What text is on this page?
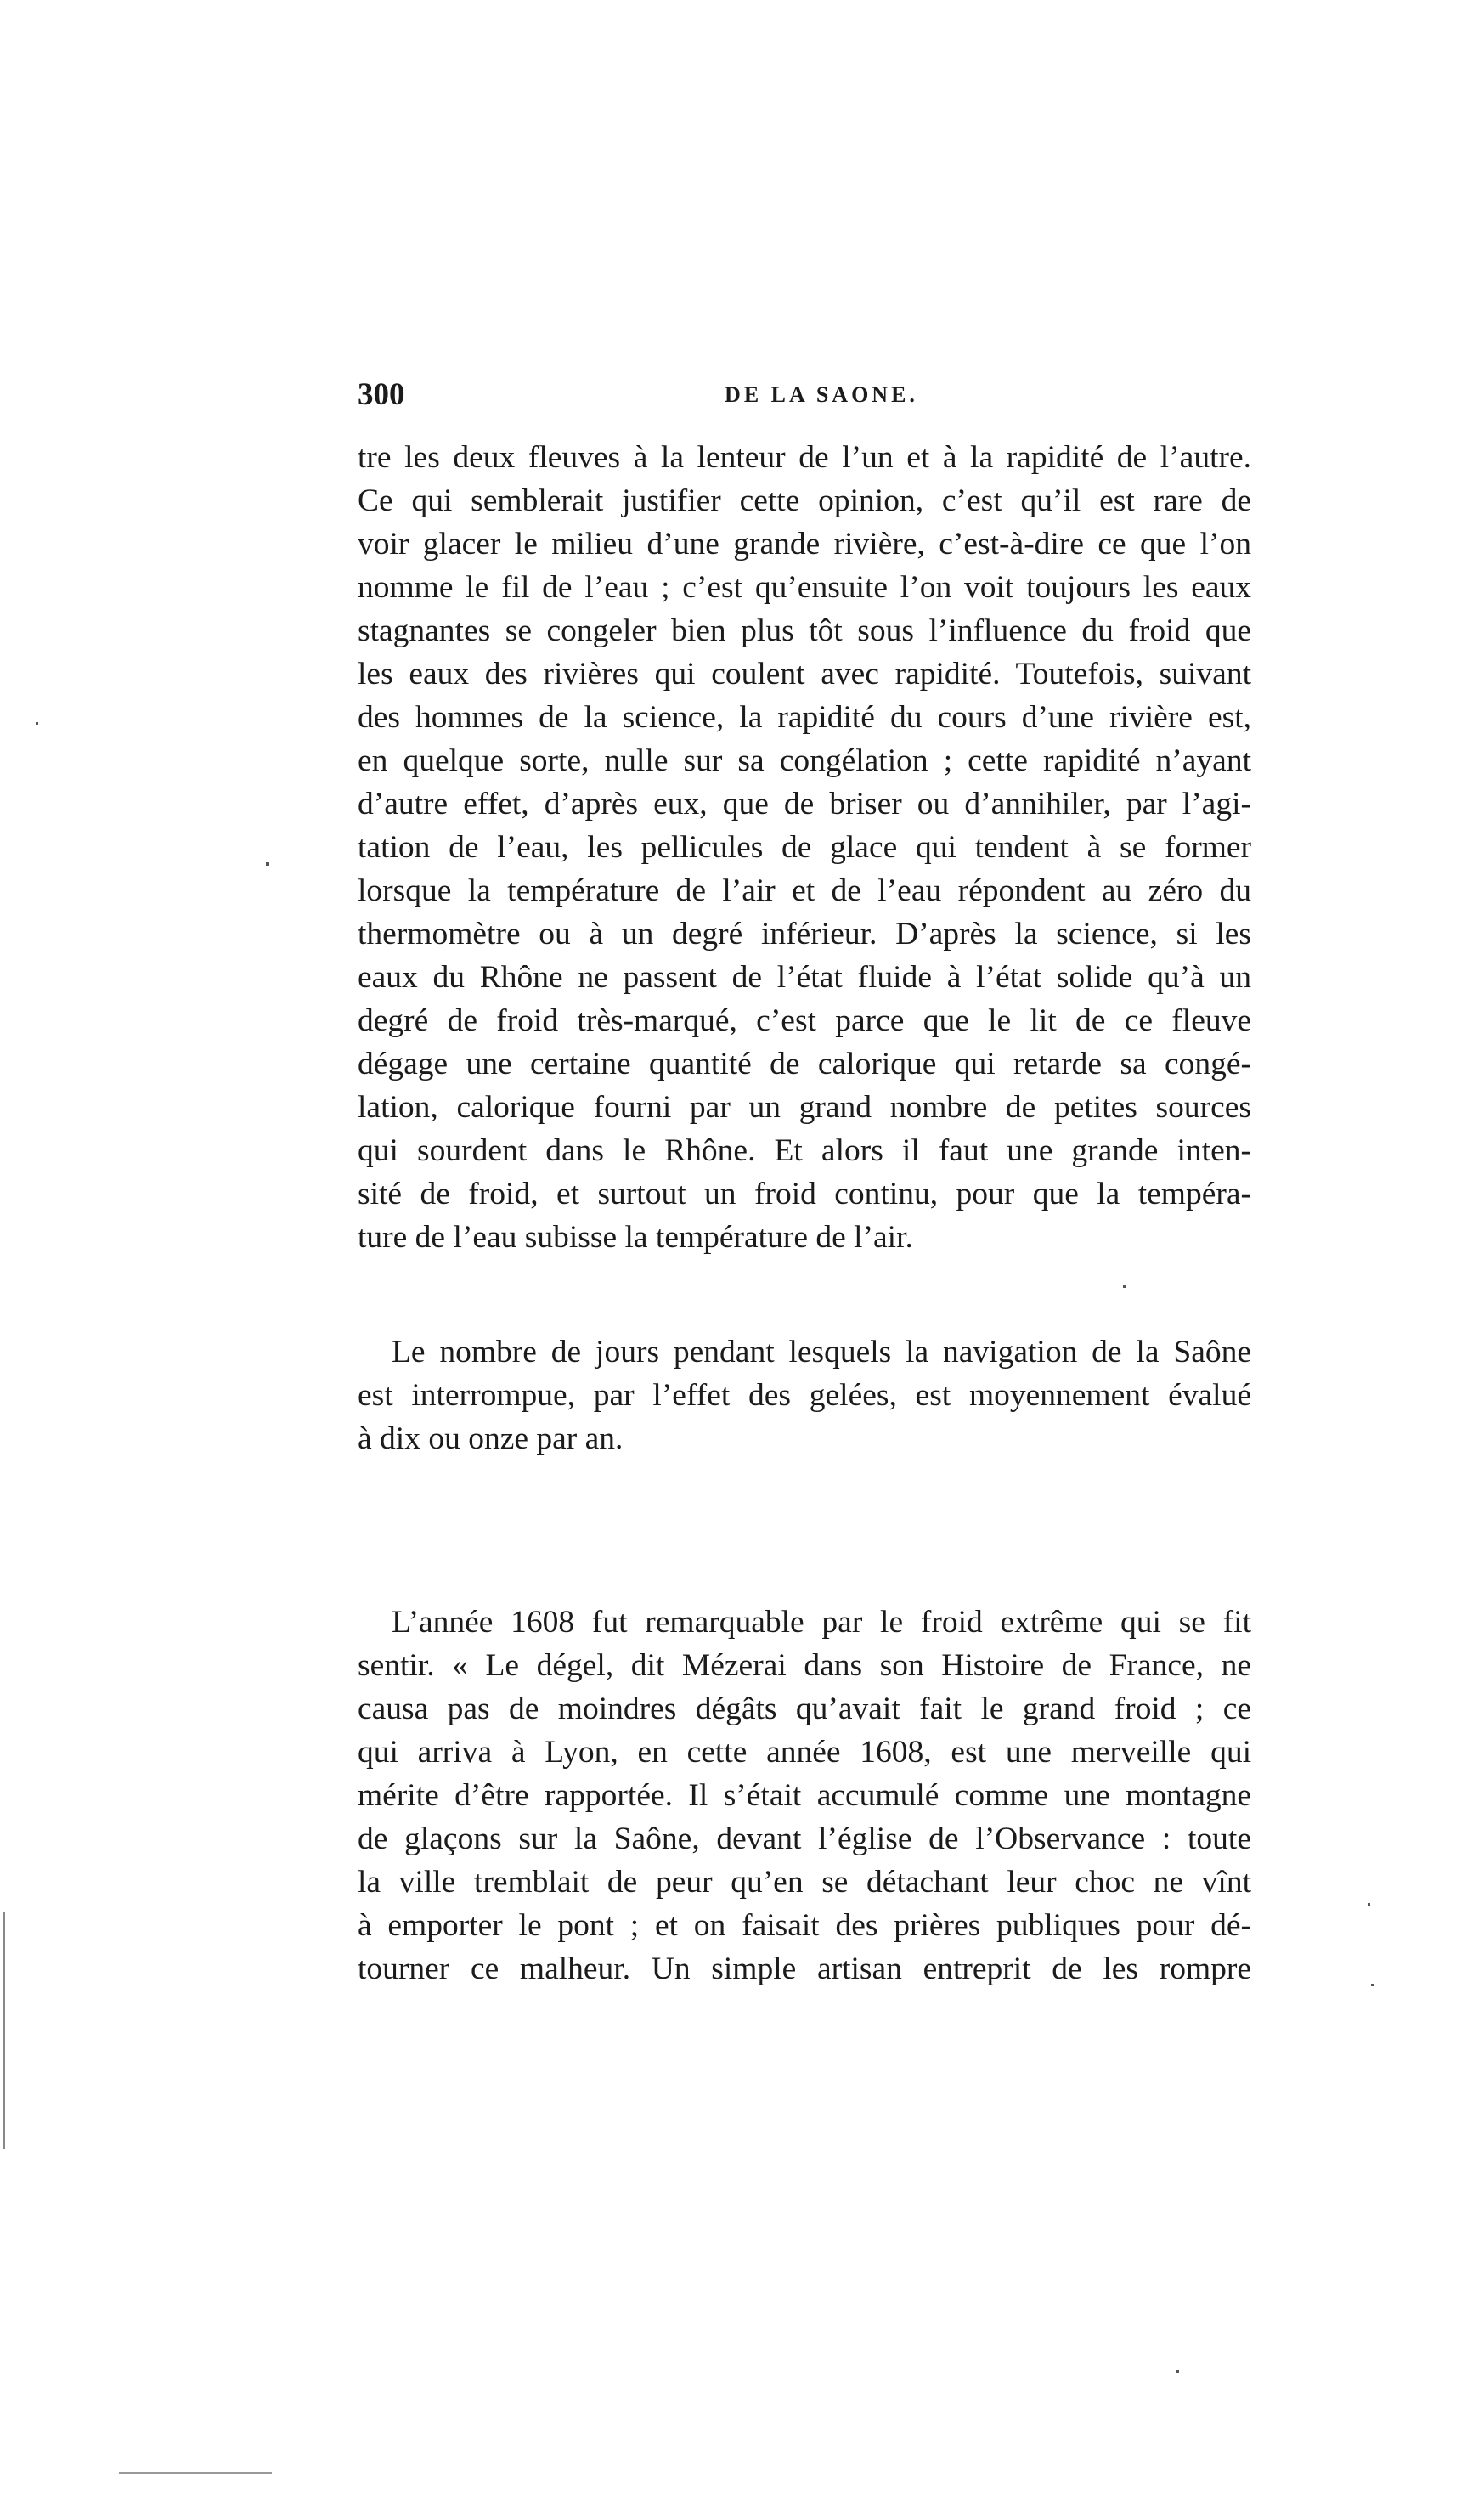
300	DE LA SAONE.
tre les deux fleuves à la lenteur de l’un et à la rapidité de l’autre.
Ce qui semblerait justifier cette opinion, c’est qu’il est rare de
voir glacer le milieu d’une grande rivière, c’est-à-dire ce que l’on
nomme le fil de l’eau ; c’est qu’ensuite l’on voit toujours les eaux
stagnantes se congeler bien plus tôt sous l’influence du froid que
les eaux des rivières qui coulent avec rapidité. Toutefois, suivant
des hommes de la science, la rapidité du cours d’une rivière est,
en quelque sorte, nulle sur sa congélation ; cette rapidité n’ayant
d’autre effet, d’après eux, que de briser ou d’annihiler, par l’agi-
tation de l’eau, les pellicules de glace qui tendent à se former
lorsque la température de l’air et de l’eau répondent au zéro du
thermomètre ou à un degré inférieur. D’après la science, si les
eaux du Rhône ne passent de l’état fluide à l’état solide qu’à un
degré de froid très-marqué, c’est parce que le lit de ce fleuve
dégage une certaine quantité de calorique qui retarde sa congé-
lation, calorique fourni par un grand nombre de petites sources
qui sourdent dans le Rhône. Et alors il faut une grande inten-
sité de froid, et surtout un froid continu, pour que la tempéra-
ture de l’eau subisse la température de l’air.
Le nombre de jours pendant lesquels la navigation de la Saône
est interrompue, par l’effet des gelées, est moyennement évalué
à dix ou onze par an.
L’année 1608 fut remarquable par le froid extrême qui se fit
sentir. « Le dégel, dit Mézerai dans son Histoire de France, ne
causa pas de moindres dégâts qu’avait fait le grand froid ; ce
qui arriva à Lyon, en cette année 1608, est une merveille qui
mérite d’être rapportée. Il s’était accumulé comme une montagne
de glaçons sur la Saône, devant l’église de l’Observance : toute
la ville tremblait de peur qu’en se détachant leur choc ne vînt
à emporter le pont ; et on faisait des prières publiques pour dé-
tourner ce malheur. Un simple artisan entreprit de les rompre
